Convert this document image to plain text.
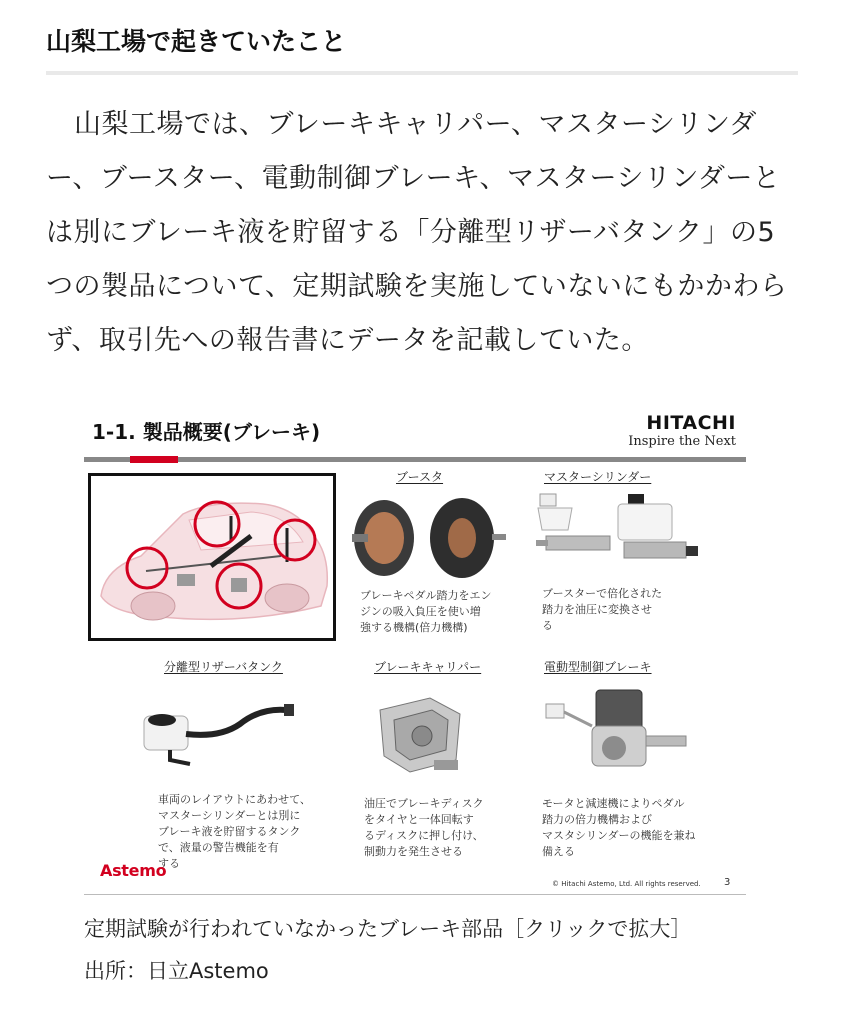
山梨工場で起きていたこと

山梨工場では、ブレーキキャリパー、マスターシリンダー、ブースター、電動制御ブレーキ、マスターシリンダーとは別にブレーキ液を貯留する「分離型リザーバタンク」の5つの製品について、定期試験を実施していないにもかかわらず、取引先への報告書にデータを記載していた。

1-1. 製品概要(ブレーキ)	HITACHI
Inspire the Next
ブースタ
ブレーキペダル踏力をエン
ジンの吸入負圧を使い増
強する機構(倍力機構)
マスターシリンダー
ブースターで倍化された
踏力を油圧に変換させ
る
分離型リザーバタンク
車両のレイアウトにあわせて、
マスターシリンダーとは別に
ブレーキ液を貯留するタンク
で、液量の警告機能を有
する
ブレーキキャリパー
油圧でブレーキディスク
をタイヤと一体回転す
るディスクに押し付け、
制動力を発生させる
電動型制御ブレーキ
モータと減速機によりペダル
踏力の倍力機構および
マスタシリンダーの機能を兼ね
備える
Astemo
© Hitachi Astemo, Ltd. All rights reserved. 3

定期試験が行われていなかったブレーキ部品［クリックで拡大］

出所：日立Astemo
